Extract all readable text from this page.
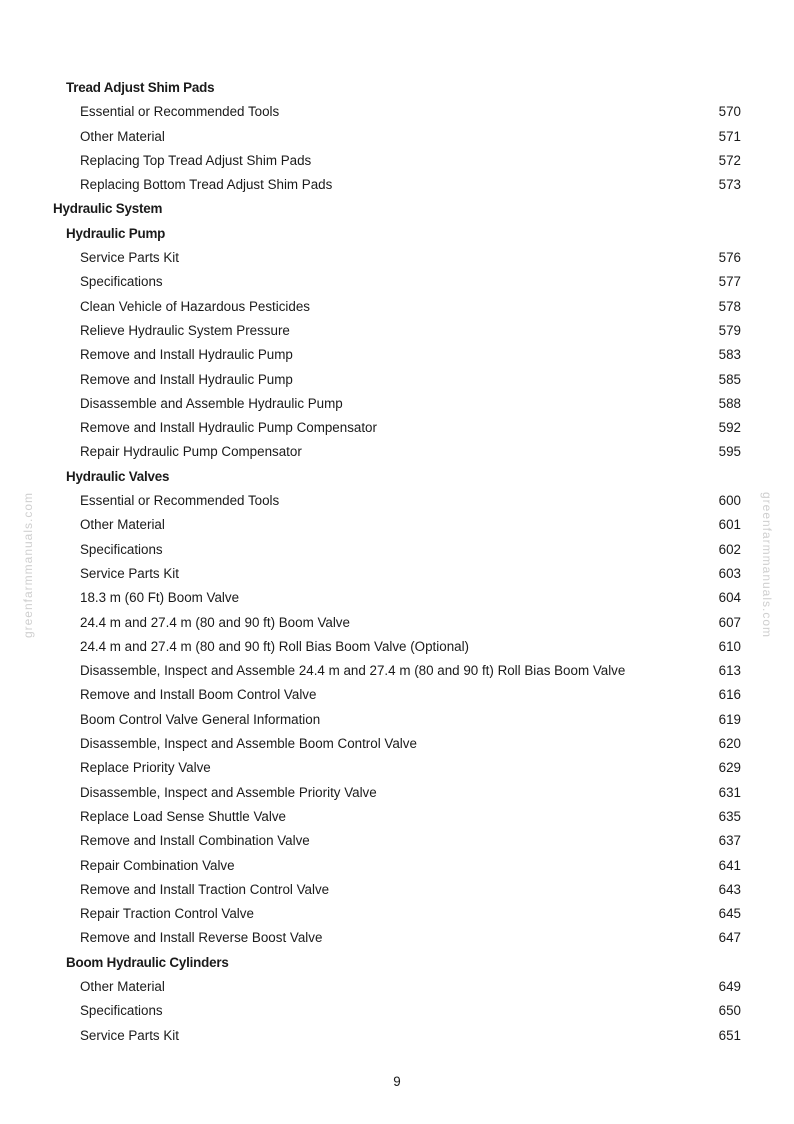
Tread Adjust Shim Pads
Essential or Recommended Tools	570
Other Material	571
Replacing Top Tread Adjust Shim Pads	572
Replacing Bottom Tread Adjust Shim Pads	573
Hydraulic System
Hydraulic Pump
Service Parts Kit	576
Specifications	577
Clean Vehicle of Hazardous Pesticides	578
Relieve Hydraulic System Pressure	579
Remove and Install Hydraulic Pump	583
Remove and Install Hydraulic Pump	585
Disassemble and Assemble Hydraulic Pump	588
Remove and Install Hydraulic Pump Compensator	592
Repair Hydraulic Pump Compensator	595
Hydraulic Valves
Essential or Recommended Tools	600
Other Material	601
Specifications	602
Service Parts Kit	603
18.3 m (60 Ft) Boom Valve	604
24.4 m and 27.4 m (80 and 90 ft) Boom Valve	607
24.4 m and 27.4 m (80 and 90 ft) Roll Bias Boom Valve (Optional)	610
Disassemble, Inspect and Assemble 24.4 m and 27.4 m (80 and 90 ft) Roll Bias Boom Valve	613
Remove and Install Boom Control Valve	616
Boom Control Valve General Information	619
Disassemble, Inspect and Assemble Boom Control Valve	620
Replace Priority Valve	629
Disassemble, Inspect and Assemble Priority Valve	631
Replace Load Sense Shuttle Valve	635
Remove and Install Combination Valve	637
Repair Combination Valve	641
Remove and Install Traction Control Valve	643
Repair Traction Control Valve	645
Remove and Install Reverse Boost Valve	647
Boom Hydraulic Cylinders
Other Material	649
Specifications	650
Service Parts Kit	651
greenfarmmanuals.com	greenfarmmanuals.com
9
